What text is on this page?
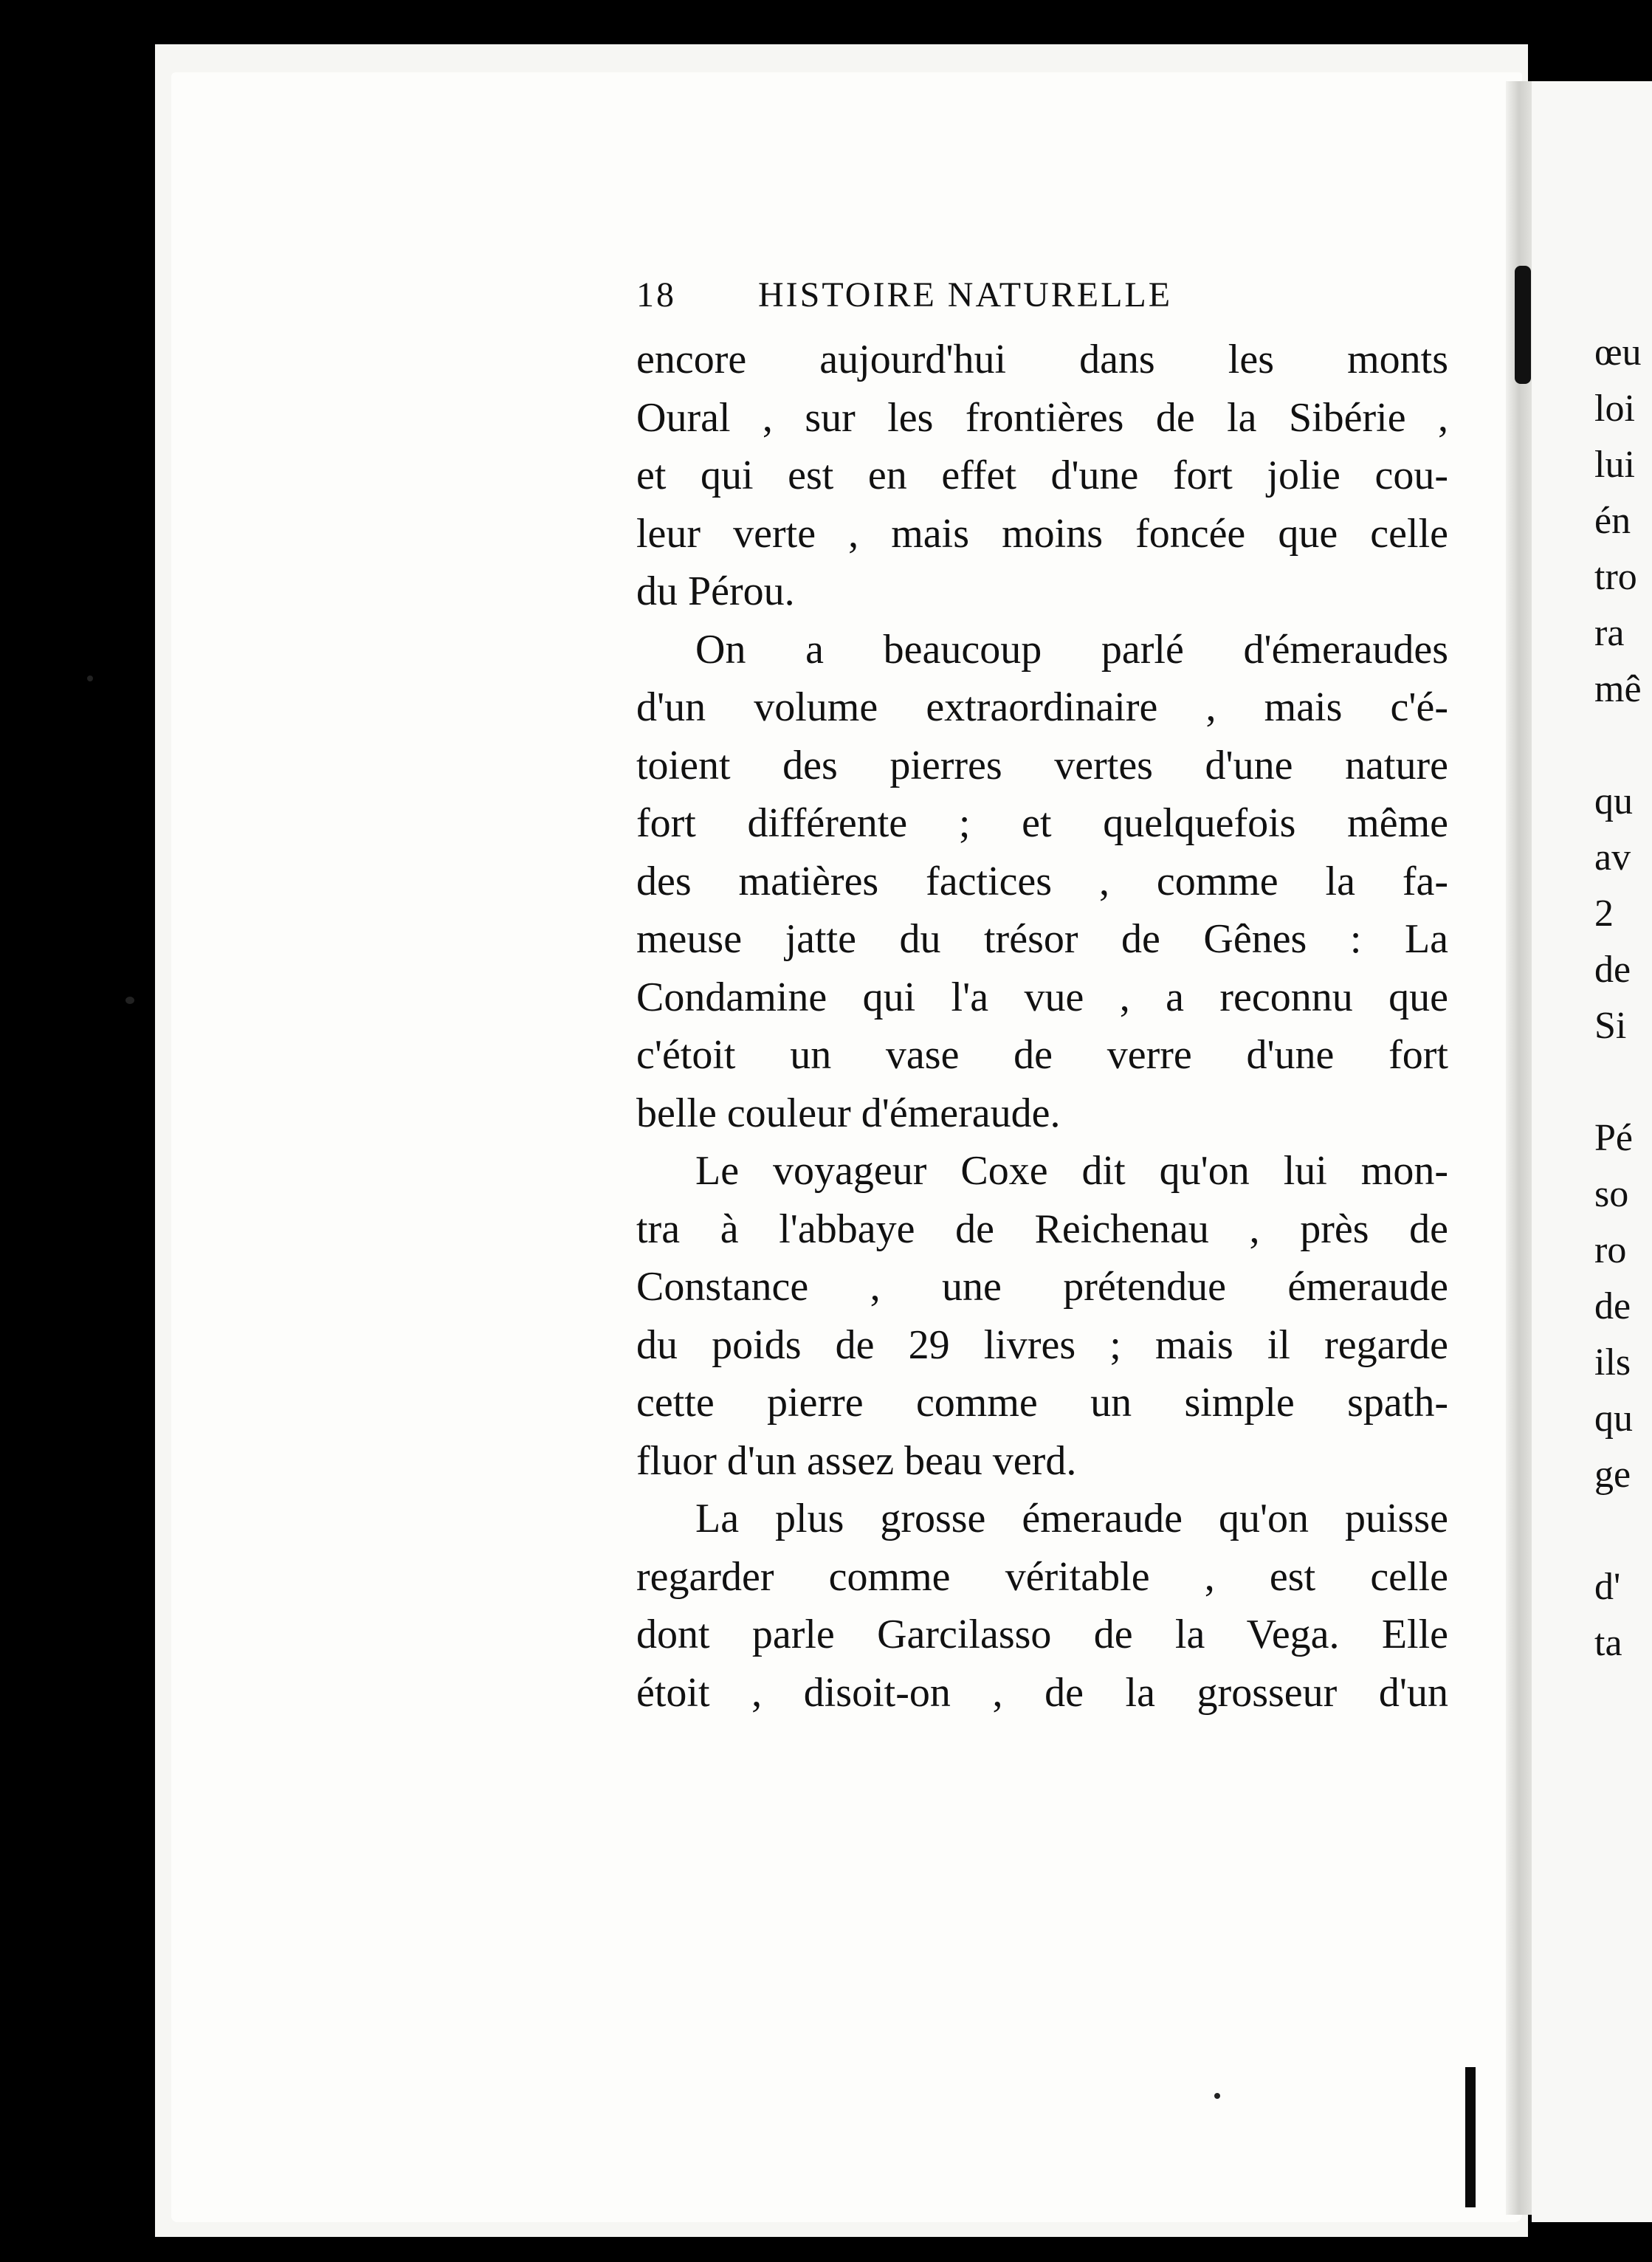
18 HISTOIRE NATURELLE
encore aujourd'hui dans les monts
Oural , sur les frontières de la Sibérie ,
et qui est en effet d'une fort jolie cou-
leur verte , mais moins foncée que celle
du Pérou.
On a beaucoup parlé d'émeraudes
d'un volume extraordinaire , mais c'é-
toient des pierres vertes d'une nature
fort différente ; et quelquefois même
des matières factices , comme la fa-
meuse jatte du trésor de Gênes : La
Condamine qui l'a vue , a reconnu que
c'étoit un vase de verre d'une fort
belle couleur d'émeraude.
Le voyageur Coxe dit qu'on lui mon-
tra à l'abbaye de Reichenau , près de
Constance , une prétendue émeraude
du poids de 29 livres ; mais il regarde
cette pierre comme un simple spath-
fluor d'un assez beau verd.
La plus grosse émeraude qu'on puisse
regarder comme véritable , est celle
dont parle Garcilasso de la Vega. Elle
étoit , disoit-on , de la grosseur d'un
œu
loi
lui
én
tro
ra
mê
qu
av
2
de
Si
Pé
so
ro
de
ils
qu
ge
d'
ta
